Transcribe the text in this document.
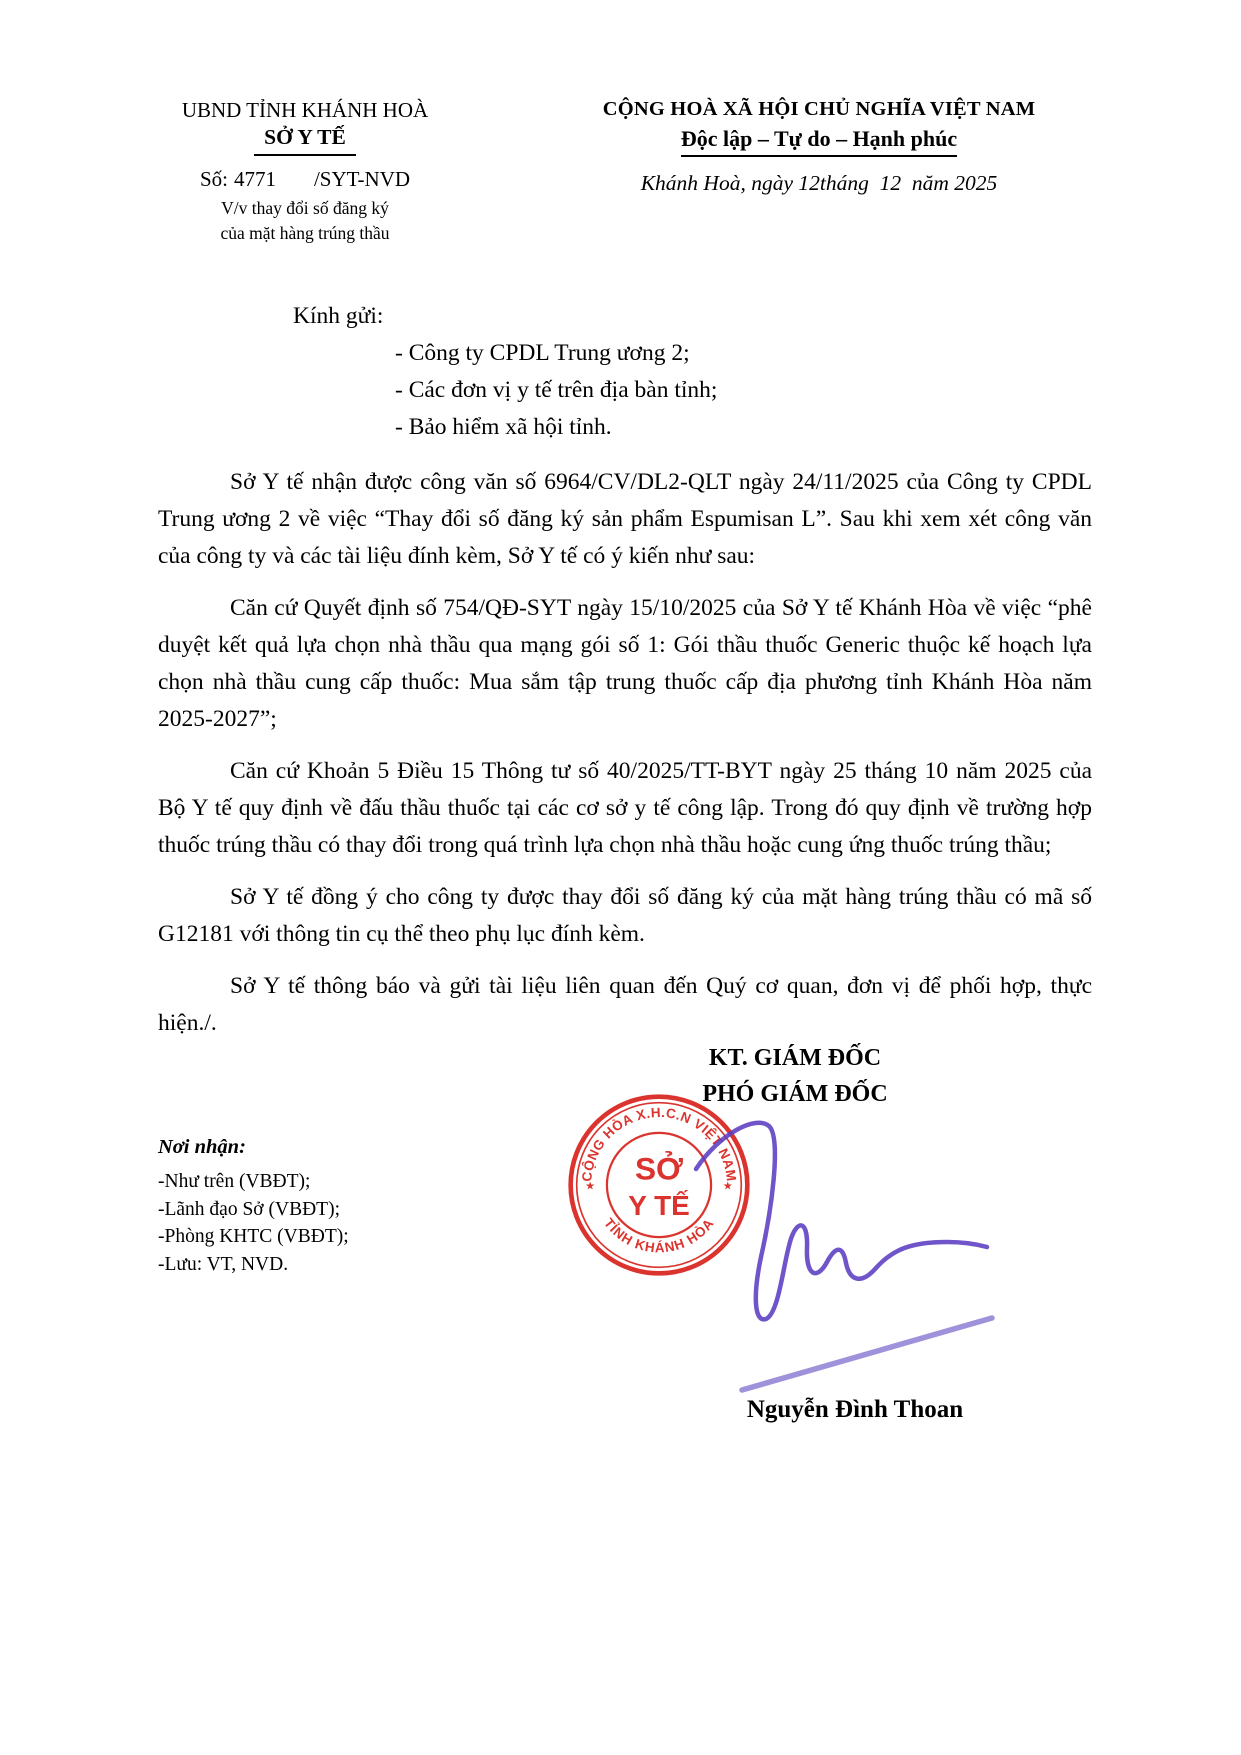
UBND TỈNH KHÁNH HOÀ
SỞ Y TẾ
Số: 4771 /SYT-NVD
V/v thay đổi số đăng ký
của mặt hàng trúng thầu
CỘNG HOÀ XÃ HỘI CHỦ NGHĨA VIỆT NAM
Độc lập – Tự do – Hạnh phúc
Khánh Hoà, ngày 12tháng  12  năm 2025
Kính gửi:
- Công ty CPDL Trung ương 2;
- Các đơn vị y tế trên địa bàn tỉnh;
- Bảo hiểm xã hội tỉnh.

Sở Y tế nhận được công văn số 6964/CV/DL2-QLT ngày 24/11/2025 của Công ty CPDL Trung ương 2 về việc “Thay đổi số đăng ký sản phẩm Espumisan L”. Sau khi xem xét công văn của công ty và các tài liệu đính kèm, Sở Y tế có ý kiến như sau:

Căn cứ Quyết định số 754/QĐ-SYT ngày 15/10/2025 của Sở Y tế Khánh Hòa về việc “phê duyệt kết quả lựa chọn nhà thầu qua mạng gói số 1: Gói thầu thuốc Generic thuộc kế hoạch lựa chọn nhà thầu cung cấp thuốc: Mua sắm tập trung thuốc cấp địa phương tỉnh Khánh Hòa năm 2025-2027”;

Căn cứ Khoản 5 Điều 15 Thông tư số 40/2025/TT-BYT ngày 25 tháng 10 năm 2025 của Bộ Y tế quy định về đấu thầu thuốc tại các cơ sở y tế công lập. Trong đó quy định về trường hợp thuốc trúng thầu có thay đổi trong quá trình lựa chọn nhà thầu hoặc cung ứng thuốc trúng thầu;

Sở Y tế đồng ý cho công ty được thay đổi số đăng ký của mặt hàng trúng thầu có mã số G12181 với thông tin cụ thể theo phụ lục đính kèm.

Sở Y tế thông báo và gửi tài liệu liên quan đến Quý cơ quan, đơn vị để phối hợp, thực hiện./.

Nơi nhận:
-Như trên (VBĐT);
-Lãnh đạo Sở (VBĐT);
-Phòng KHTC (VBĐT);
-Lưu: VT, NVD.
KT. GIÁM ĐỐC
PHÓ GIÁM ĐỐC
CỘNG HÒA X.H.C.N VIỆT NAM
TỈNH KHÁNH HÒA
★	★
SỞ
Y TẾ
Nguyễn Đình Thoan
